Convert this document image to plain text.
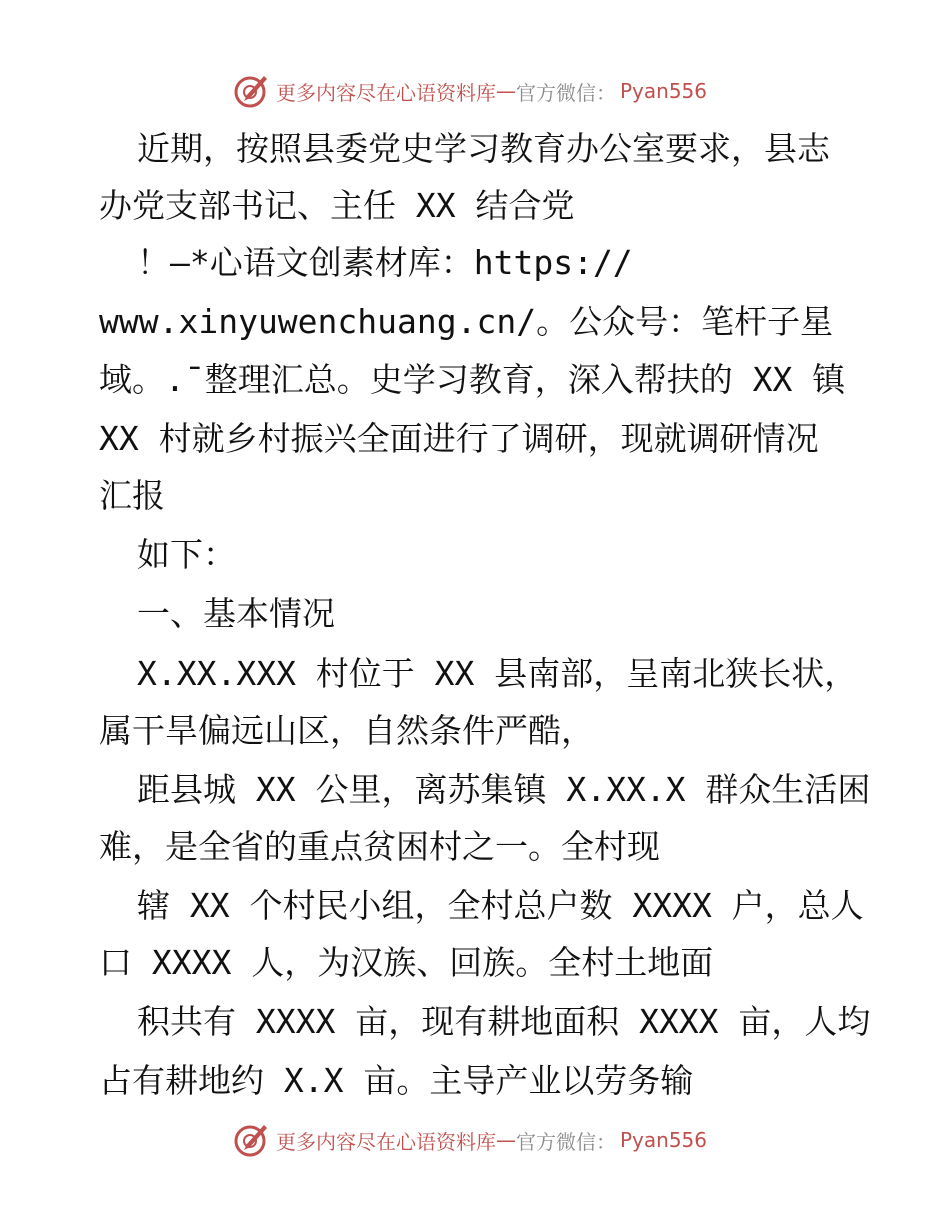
更多内容尽在心语资料库 — 官方微信： Pyan556
近期，按照县委党史学习教育办公室要求，县志
办党支部书记、主任 XX 结合党
！—*心语文创素材库：https://
www.xinyuwenchuang.cn/。公众号：笔杆子星
域。.¯整理汇总。史学习教育，深入帮扶的 XX 镇
XX 村就乡村振兴全面进行了调研，现就调研情况
汇报
如下：
一、基本情况
X.XX.XXX 村位于 XX 县南部，呈南北狭长状，
属干旱偏远山区，自然条件严酷，
距县城 XX 公里，离苏集镇 X.XX.X 群众生活困
难，是全省的重点贫困村之一。全村现
辖 XX 个村民小组，全村总户数 XXXX 户，总人
口 XXXX 人，为汉族、回族。全村土地面
积共有 XXXX 亩，现有耕地面积 XXXX 亩，人均
占有耕地约 X.X 亩。主导产业以劳务输
更多内容尽在心语资料库 — 官方微信： Pyan556
